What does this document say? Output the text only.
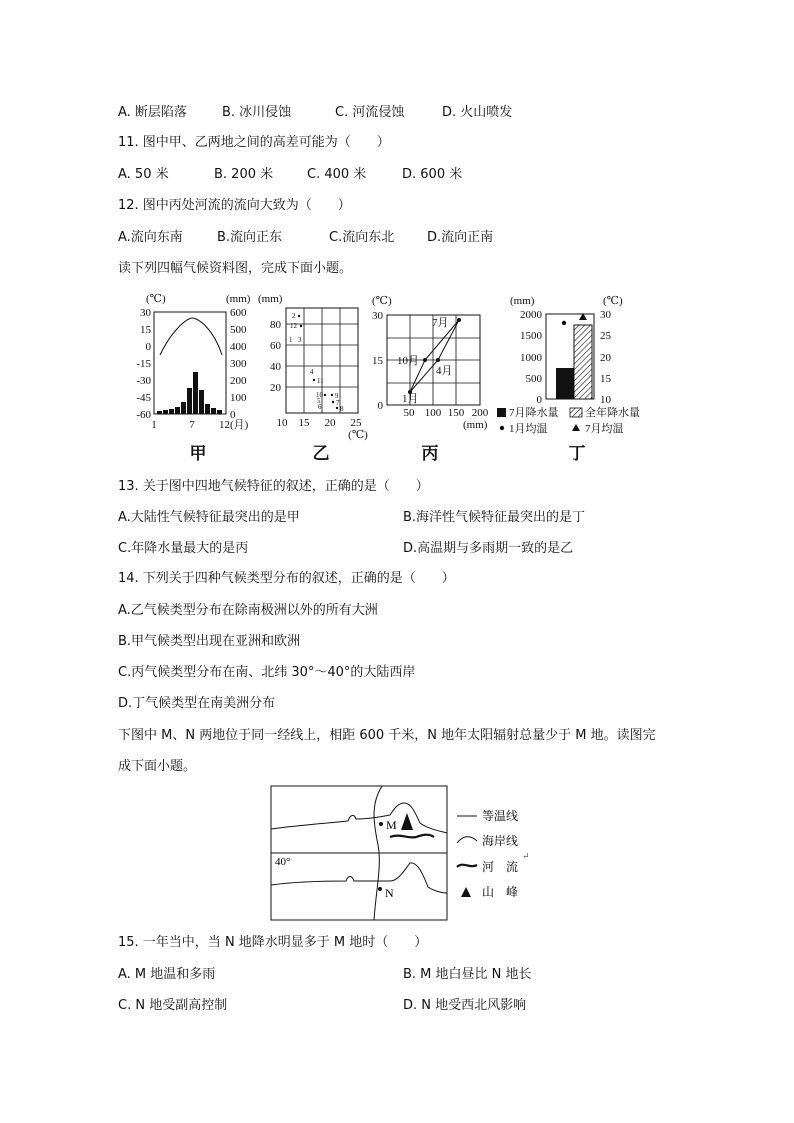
A. 断层陷落	B. 冰川侵蚀	C. 河流侵蚀	D. 火山喷发
11. 图中甲、乙两地之间的高差可能为（　　）
A. 50 米	B. 200 米	C. 400 米	D. 600 米
12. 图中丙处河流的流向大致为（　　）
A.流向东南	B.流向正东	C.流向东北	D.流向正南
读下列四幅气候资料图，完成下面小题。
(℃)	(mm)
30
15
0
-15
-30
-45
-60
600
500
400
300
200
100
0
1	7 12(月)
(mm)
80
60
40
20
2
12
1 3
4
11
10
5
6
9
7
8
10 15 20 25
(℃)
(℃)
30
15
0
7月
10月
4月
1月
50 100 150 200
(mm)
(mm)	(℃)
2000
1500
1000
500
0
30
25
20
15
10
7月降水量 全年降水量
1月均温	7月均温
甲	乙	丙	丁
13. 关于图中四地气候特征的叙述，正确的是（　　）
A.大陆性气候特征最突出的是甲	B.海洋性气候特征最突出的是丁
C.年降水量最大的是丙	D.高温期与多雨期一致的是乙
14. 下列关于四种气候类型分布的叙述，正确的是（　　）
A.乙气候类型分布在除南极洲以外的所有大洲
B.甲气候类型出现在亚洲和欧洲
C.丙气候类型分布在南、北纬 30°～40°的大陆西岸
D.丁气候类型在南美洲分布
下图中 M、N 两地位于同一经线上，相距 600 千米，N 地年太阳辐射总量少于 M 地。读图完
成下面小题。
M
N
40°
等温线
海岸线
河　流
↵
山　峰
15. 一年当中，当 N 地降水明显多于 M 地时（　　）
A. M 地温和多雨	B. M 地白昼比 N 地长
C. N 地受副高控制	D. N 地受西北风影响
